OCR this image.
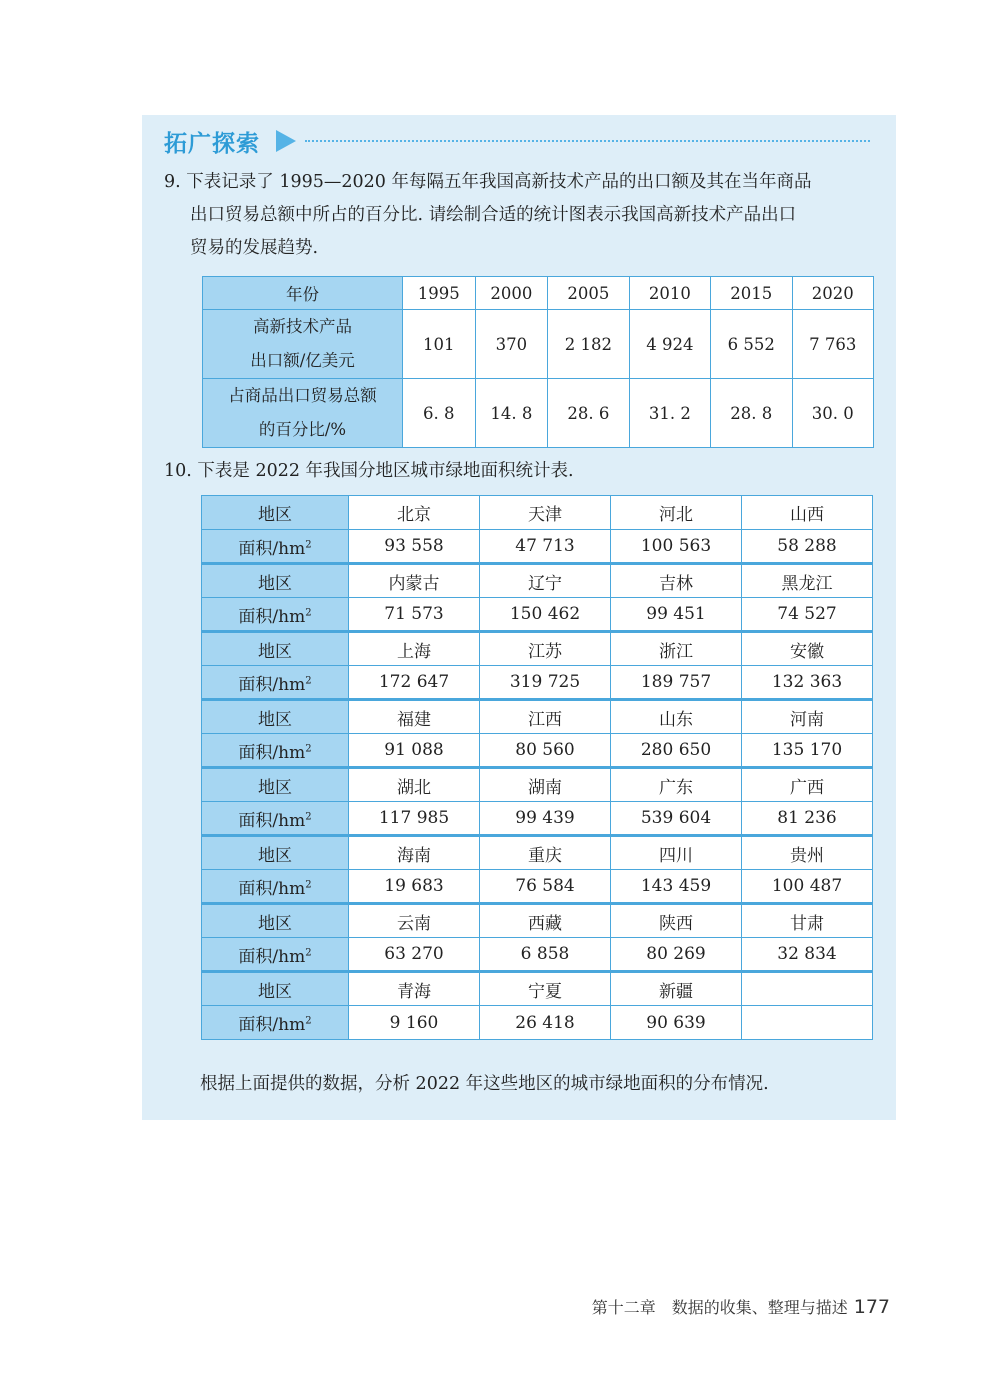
拓广探索
9. 下表记录了 1995—2020 年每隔五年我国高新技术产品的出口额及其在当年商品
出口贸易总额中所占的百分比. 请绘制合适的统计图表示我国高新技术产品出口
贸易的发展趋势.
年份	1995	2000	2005	2010	2015	2020

高新技术产品
出口额/亿美元	101	370	2 182	4 924	6 552	7 763

占商品出口贸易总额
的百分比/%	6. 8	14. 8	28. 6	31. 2	28. 8	30. 0
10. 下表是 2022 年我国分地区城市绿地面积统计表.
地区	北京	天津	河北	山西
面积$/hm^2$	93 558	47 713	100 563	58 288
地区	内蒙古	辽宁	吉林	黑龙江
面积$/hm^2$	71 573	150 462	99 451	74 527
地区	上海	江苏	浙江	安徽
面积$/hm^2$	172 647	319 725	189 757	132 363
地区	福建	江西	山东	河南
面积$/hm^2$	91 088	80 560	280 650	135 170
地区	湖北	湖南	广东	广西
面积$/hm^2$	117 985	99 439	539 604	81 236
地区	海南	重庆	四川	贵州
面积$/hm^2$	19 683	76 584	143 459	100 487
地区	云南	西藏	陕西	甘肃
面积$/hm^2$	63 270	6 858	80 269	32 834
地区	青海	宁夏	新疆	
面积$/hm^2$	9 160	26 418	90 639	
根据上面提供的数据，分析 2022 年这些地区的城市绿地面积的分布情况.
第十二章　数据的收集、整理与描述 177
